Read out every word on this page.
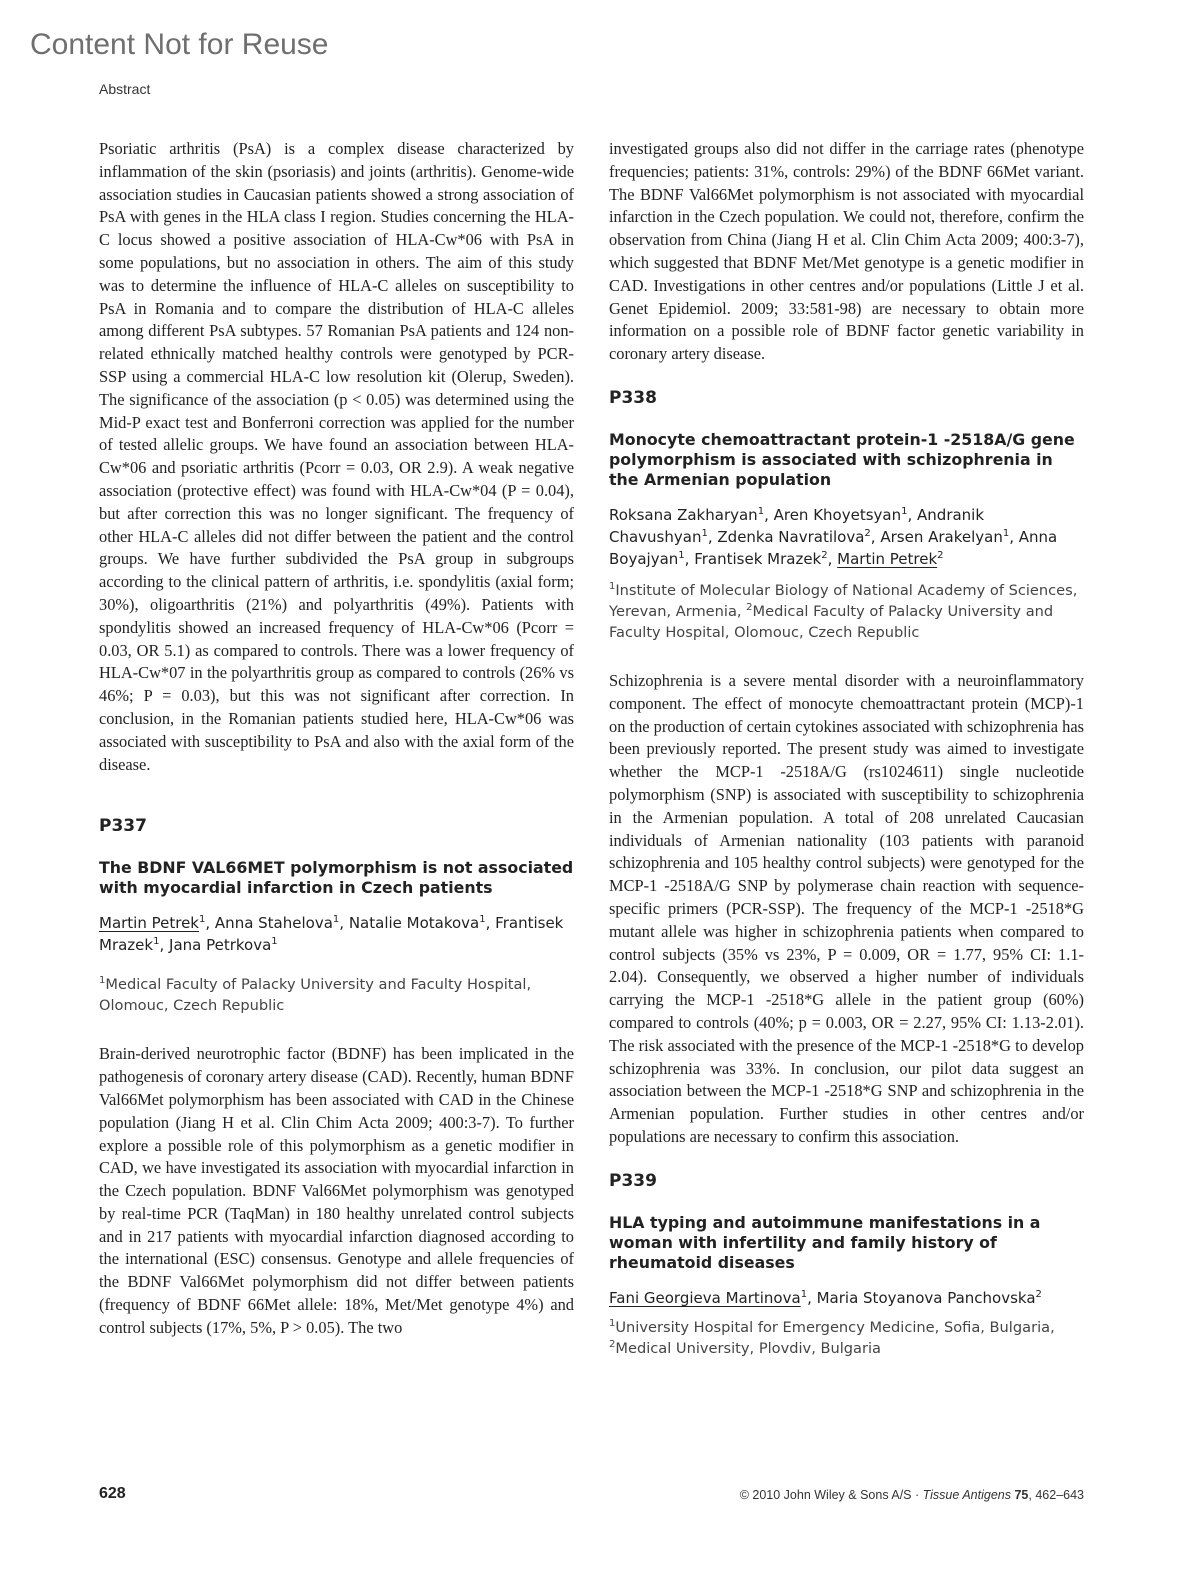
Content Not for Reuse
Abstract

Psoriatic arthritis (PsA) is a complex disease characterized by inflammation of the skin (psoriasis) and joints (arthritis). Genome-wide association studies in Caucasian patients showed a strong association of PsA with genes in the HLA class I region. Studies concerning the HLA-C locus showed a positive association of HLA-Cw*06 with PsA in some populations, but no association in others. The aim of this study was to determine the influence of HLA-C alleles on susceptibility to PsA in Romania and to compare the distribution of HLA-C alleles among different PsA subtypes. 57 Romanian PsA patients and 124 non-related ethnically matched healthy controls were genotyped by PCR-SSP using a commercial HLA-C low resolution kit (Olerup, Sweden). The significance of the association (p < 0.05) was determined using the Mid-P exact test and Bonferroni correction was applied for the number of tested allelic groups. We have found an association between HLA-Cw*06 and psoriatic arthritis (Pcorr = 0.03, OR 2.9). A weak negative association (protective effect) was found with HLA-Cw*04 (P = 0.04), but after correction this was no longer significant. The frequency of other HLA-C alleles did not differ between the patient and the control groups. We have further subdivided the PsA group in subgroups according to the clinical pattern of arthritis, i.e. spondylitis (axial form; 30%), oligoarthritis (21%) and polyarthritis (49%). Patients with spondylitis showed an increased frequency of HLA-Cw*06 (Pcorr = 0.03, OR 5.1) as compared to controls. There was a lower frequency of HLA-Cw*07 in the polyarthritis group as compared to controls (26% vs 46%; P = 0.03), but this was not significant after correction. In conclusion, in the Romanian patients studied here, HLA-Cw*06 was associated with susceptibility to PsA and also with the axial form of the disease.

P337
The BDNF VAL66MET polymorphism is not associated with myocardial infarction in Czech patients
Martin Petrek$^1$, Anna Stahelova$^1$, Natalie Motakova$^1$, Frantisek Mrazek$^1$, Jana Petrkova$^1$
$^1$Medical Faculty of Palacky University and Faculty Hospital, Olomouc, Czech Republic

Brain-derived neurotrophic factor (BDNF) has been implicated in the pathogenesis of coronary artery disease (CAD). Recently, human BDNF Val66Met polymorphism has been associated with CAD in the Chinese population (Jiang H et al. Clin Chim Acta 2009; 400:3-7). To further explore a possible role of this polymorphism as a genetic modifier in CAD, we have investigated its association with myocardial infarction in the Czech population. BDNF Val66Met polymorphism was genotyped by real-time PCR (TaqMan) in 180 healthy unrelated control subjects and in 217 patients with myocardial infarction diagnosed according to the international (ESC) consensus. Genotype and allele frequencies of the BDNF Val66Met polymorphism did not differ between patients (frequency of BDNF 66Met allele: 18%, Met/Met genotype 4%) and control subjects (17%, 5%, P > 0.05). The two

investigated groups also did not differ in the carriage rates (phenotype frequencies; patients: 31%, controls: 29%) of the BDNF 66Met variant. The BDNF Val66Met polymorphism is not associated with myocardial infarction in the Czech population. We could not, therefore, confirm the observation from China (Jiang H et al. Clin Chim Acta 2009; 400:3-7), which suggested that BDNF Met/Met genotype is a genetic modifier in CAD. Investigations in other centres and/or populations (Little J et al. Genet Epidemiol. 2009; 33:581-98) are necessary to obtain more information on a possible role of BDNF factor genetic variability in coronary artery disease.

P338
Monocyte chemoattractant protein-1 -2518A/G gene polymorphism is associated with schizophrenia in the Armenian population
Roksana Zakharyan$^1$, Aren Khoyetsyan$^1$, Andranik Chavushyan$^1$, Zdenka Navratilova$^2$, Arsen Arakelyan$^1$, Anna Boyajyan$^1$, Frantisek Mrazek$^2$, Martin Petrek$^2$
$^1$Institute of Molecular Biology of National Academy of Sciences, Yerevan, Armenia, $^2$Medical Faculty of Palacky University and Faculty Hospital, Olomouc, Czech Republic

Schizophrenia is a severe mental disorder with a neuroinflammatory component. The effect of monocyte chemoattractant protein (MCP)-1 on the production of certain cytokines associated with schizophrenia has been previously reported. The present study was aimed to investigate whether the MCP-1 -2518A/G (rs1024611) single nucleotide polymorphism (SNP) is associated with susceptibility to schizophrenia in the Armenian population. A total of 208 unrelated Caucasian individuals of Armenian nationality (103 patients with paranoid schizophrenia and 105 healthy control subjects) were genotyped for the MCP-1 -2518A/G SNP by polymerase chain reaction with sequence-specific primers (PCR-SSP). The frequency of the MCP-1 -2518*G mutant allele was higher in schizophrenia patients when compared to control subjects (35% vs 23%, P = 0.009, OR = 1.77, 95% CI: 1.1-2.04). Consequently, we observed a higher number of individuals carrying the MCP-1 -2518*G allele in the patient group (60%) compared to controls (40%; p = 0.003, OR = 2.27, 95% CI: 1.13-2.01). The risk associated with the presence of the MCP-1 -2518*G to develop schizophrenia was 33%. In conclusion, our pilot data suggest an association between the MCP-1 -2518*G SNP and schizophrenia in the Armenian population. Further studies in other centres and/or populations are necessary to confirm this association.

P339
HLA typing and autoimmune manifestations in a woman with infertility and family history of rheumatoid diseases
Fani Georgieva Martinova$^1$, Maria Stoyanova Panchovska$^2$
$^1$University Hospital for Emergency Medicine, Sofia, Bulgaria, $^2$Medical University, Plovdiv, Bulgaria
628	© 2010 John Wiley & Sons A/S · Tissue Antigens 75, 462–643
